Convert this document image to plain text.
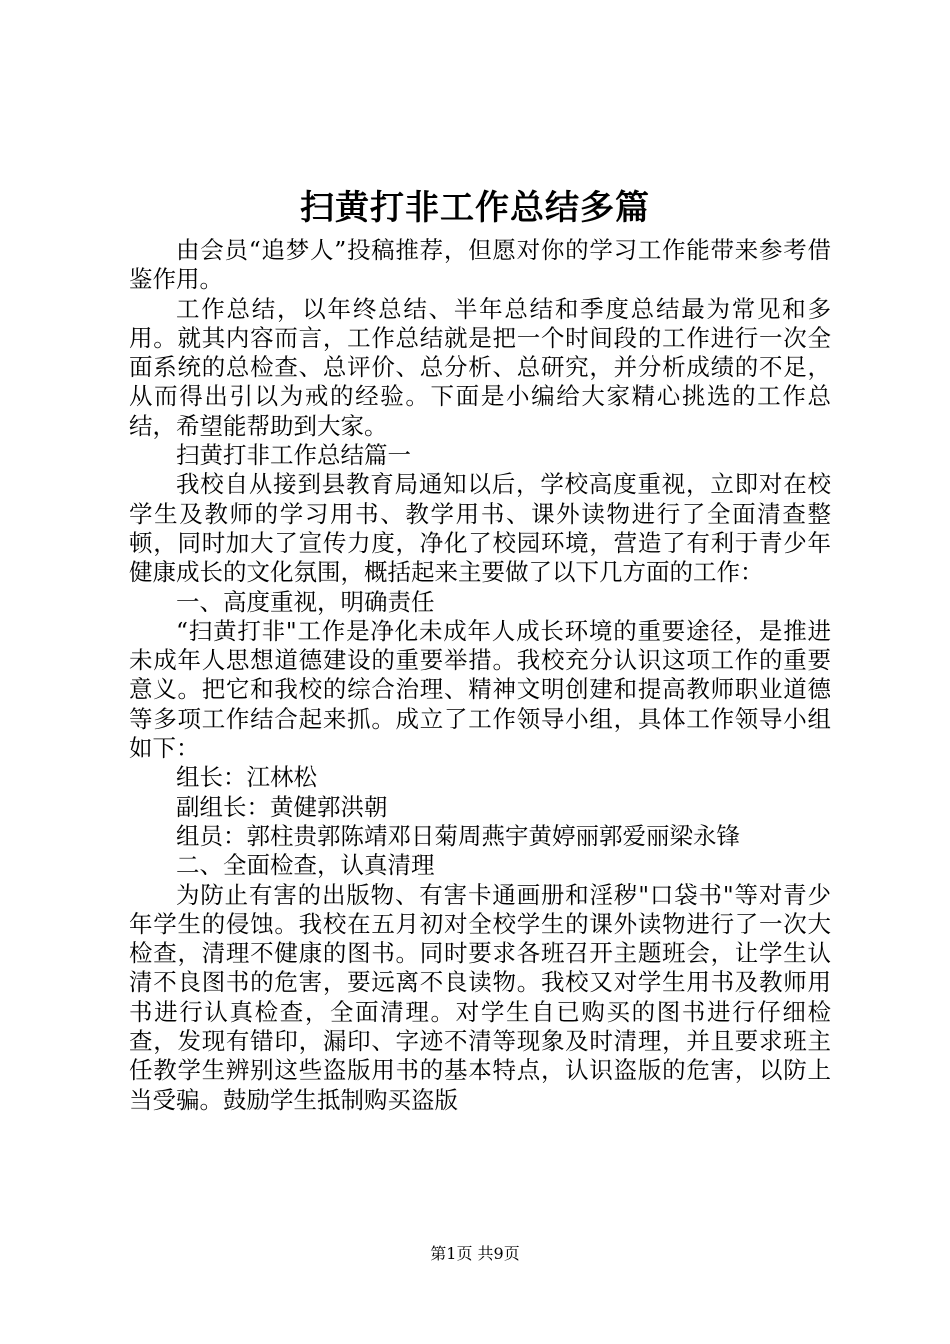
扫黄打非工作总结多篇

由会员“追梦人”投稿推荐，但愿对你的学习工作能带来参考借鉴作用。

工作总结，以年终总结、半年总结和季度总结最为常见和多用。就其内容而言，工作总结就是把一个时间段的工作进行一次全面系统的总检查、总评价、总分析、总研究，并分析成绩的不足，从而得出引以为戒的经验。下面是小编给大家精心挑选的工作总结，希望能帮助到大家。

扫黄打非工作总结篇一

我校自从接到县教育局通知以后，学校高度重视，立即对在校学生及教师的学习用书、教学用书、课外读物进行了全面清查整顿，同时加大了宣传力度，净化了校园环境，营造了有利于青少年健康成长的文化氛围，概括起来主要做了以下几方面的工作：

一、高度重视，明确责任

“扫黄打非"工作是净化未成年人成长环境的重要途径，是推进未成年人思想道德建设的重要举措。我校充分认识这项工作的重要意义。把它和我校的综合治理、精神文明创建和提高教师职业道德等多项工作结合起来抓。成立了工作领导小组，具体工作领导小组如下：

组长：江林松

副组长：黄健郭洪朝

组员：郭柱贵郭陈靖邓日菊周燕宇黄婷丽郭爱丽梁永锋

二、全面检查，认真清理

为防止有害的出版物、有害卡通画册和淫秽"口袋书"等对青少年学生的侵蚀。我校在五月初对全校学生的课外读物进行了一次大检查，清理不健康的图书。同时要求各班召开主题班会，让学生认清不良图书的危害，要远离不良读物。我校又对学生用书及教师用书进行认真检查，全面清理。对学生自已购买的图书进行仔细检查，发现有错印，漏印、字迹不清等现象及时清理，并且要求班主任教学生辨别这些盗版用书的基本特点，认识盗版的危害，以防上当受骗。鼓励学生抵制购买盗版

第1页 共9页
